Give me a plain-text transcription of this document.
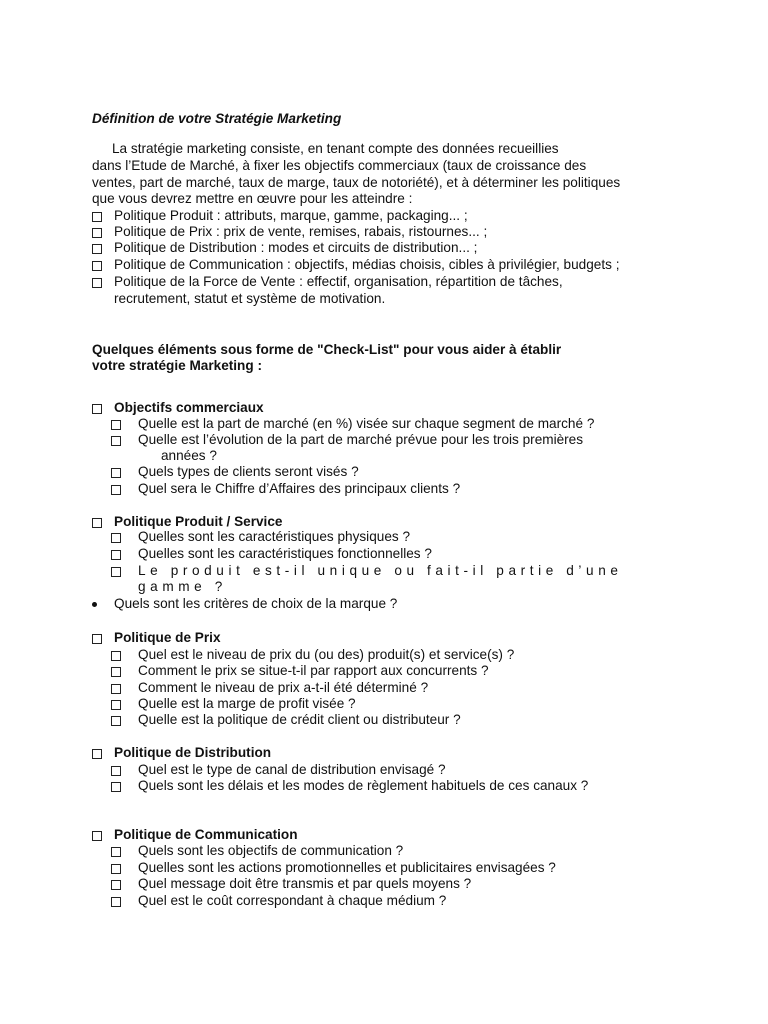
Définition de votre Stratégie Marketing
La stratégie marketing consiste, en tenant compte des données recueillies
dans l’Etude de Marché, à fixer les objectifs commerciaux (taux de croissance des
ventes, part de marché, taux de marge, taux de notoriété), et à déterminer les politiques
que vous devrez mettre en œuvre pour les atteindre :
Politique Produit : attributs, marque, gamme, packaging... ;
Politique de Prix : prix de vente, remises, rabais, ristournes... ;
Politique de Distribution : modes et circuits de distribution... ;
Politique de Communication : objectifs, médias choisis, cibles à privilégier, budgets ;
Politique de la Force de Vente : effectif, organisation, répartition de tâches,
recrutement, statut et système de motivation.
Quelques éléments sous forme de "Check-List" pour vous aider à établir
votre stratégie Marketing :
Objectifs commerciaux
Quelle est la part de marché (en %) visée sur chaque segment de marché ?
Quelle est l’évolution de la part de marché prévue pour les trois premières
années ?
Quels types de clients seront visés ?
Quel sera le Chiffre d’Affaires des principaux clients ?
Politique Produit / Service
Quelles sont les caractéristiques physiques ?
Quelles sont les caractéristiques fonctionnelles ?
Le produit est-il unique ou fait-il partie d’une
gamme ?
Quels sont les critères de choix de la marque ?
Politique de Prix
Quel est le niveau de prix du (ou des) produit(s) et service(s) ?
Comment le prix se situe-t-il par rapport aux concurrents ?
Comment le niveau de prix a-t-il été déterminé ?
Quelle est la marge de profit visée ?
Quelle est la politique de crédit client ou distributeur ?
Politique de Distribution
Quel est le type de canal de distribution envisagé ?
Quels sont les délais et les modes de règlement habituels de ces canaux ?
Politique de Communication
Quels sont les objectifs de communication ?
Quelles sont les actions promotionnelles et publicitaires envisagées ?
Quel message doit être transmis et par quels moyens ?
Quel est le coût correspondant à chaque médium ?
